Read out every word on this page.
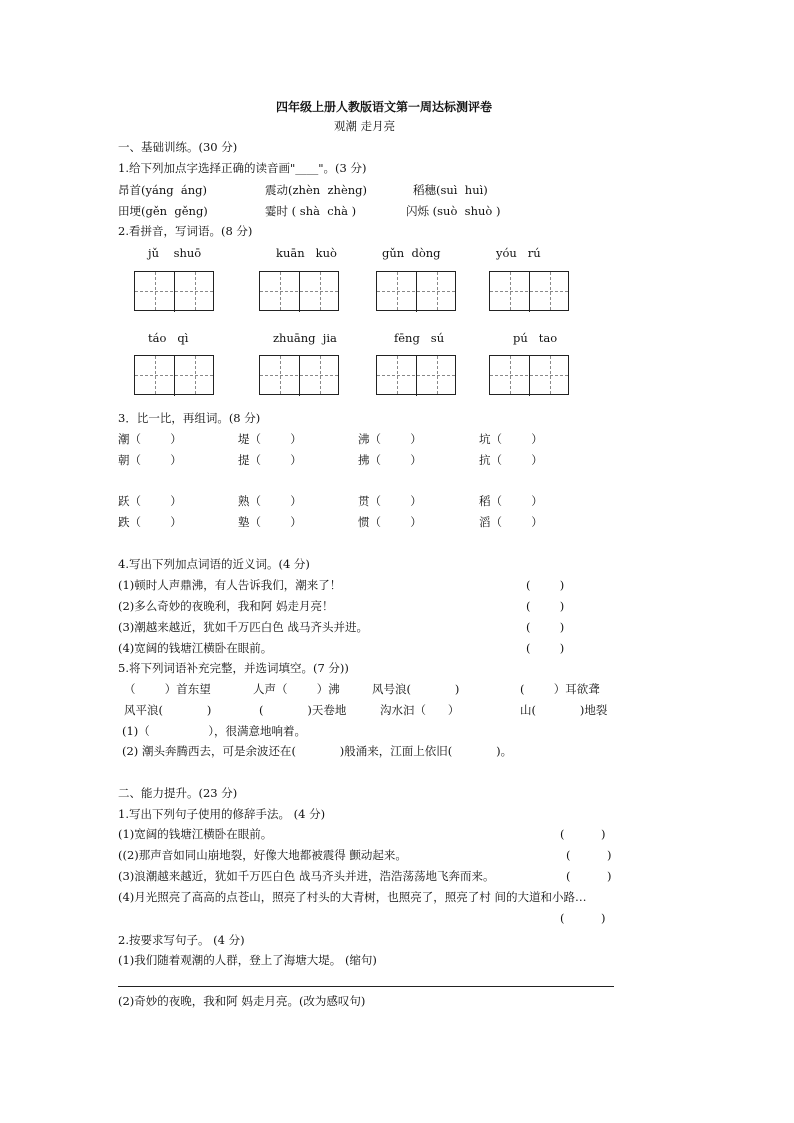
四年级上册人教版语文第一周达标测评卷
观潮 走月亮
一、基础训练。(30 分)
1.给下列加点字选择正确的读音画"____"。(3 分)
昂首(yáng  áng)	震动(zhèn  zhèng)	稻穗(suì  huì)
田埂(gěn  gěng)	霎时 ( shà  chà )	闪烁 (suò  shuò )
2.看拼音，写词语。(8 分)
jǔ    shuō	kuān   kuò	gǔn  dòng	yóu   rú
táo   qì	zhuāng  jia	fēng   sú	pú   tao
3．比一比，再组词。(8 分)
潮（        ）	堤（        ）	沸（        ）	坑（        ）
朝（        ）	提（        ）	拂（        ）	抗（        ）
跃（        ）	熟（        ）	贯（        ）	稻（        ）
跌（        ）	塾（        ）	惯（        ）	滔（        ）
4.写出下列加点词语的近义词。(4 分)
(1)顿时人声鼎沸，有人告诉我们，潮来了！	(        )
(2)多么奇妙的夜晚利，我和阿 妈走月亮！	(        )
(3)潮越来越近，犹如千万匹白色 战马齐头并进。	(        )
(4)宽阔的钱塘江横卧在眼前。	(        )
5.将下列词语补充完整，并选词填空。(7 分))
（        ）首东望	人声（        ）沸	风号浪(            )	(        ）耳欲聋
风平浪(            )	(            )天卷地	沟水汩（      ）	山(            )地裂
(1)（                ），很满意地响着。
(2) 潮头奔腾西去，可是余波还在(            )般涌来，江面上依旧(            )。
二、能力提升。(23 分)
1.写出下列句子使用的修辞手法。 (4 分)
(1)宽阔的钱塘江横卧在眼前。	(          )
((2)那声音如同山崩地裂，好像大地都被震得 颤动起来。	(          )
(3)浪潮越来越近，犹如千万匹白色 战马齐头并进，浩浩荡荡地飞奔而来。	(          )
(4)月光照亮了高高的点苍山，照亮了村头的大青树，也照亮了，照亮了村 间的大道和小路…
(          )
2.按要求写句子。 (4 分)
(1)我们随着观潮的人群，登上了海塘大堤。 (缩句)
(2)奇妙的夜晚，我和阿 妈走月亮。(改为感叹句)
